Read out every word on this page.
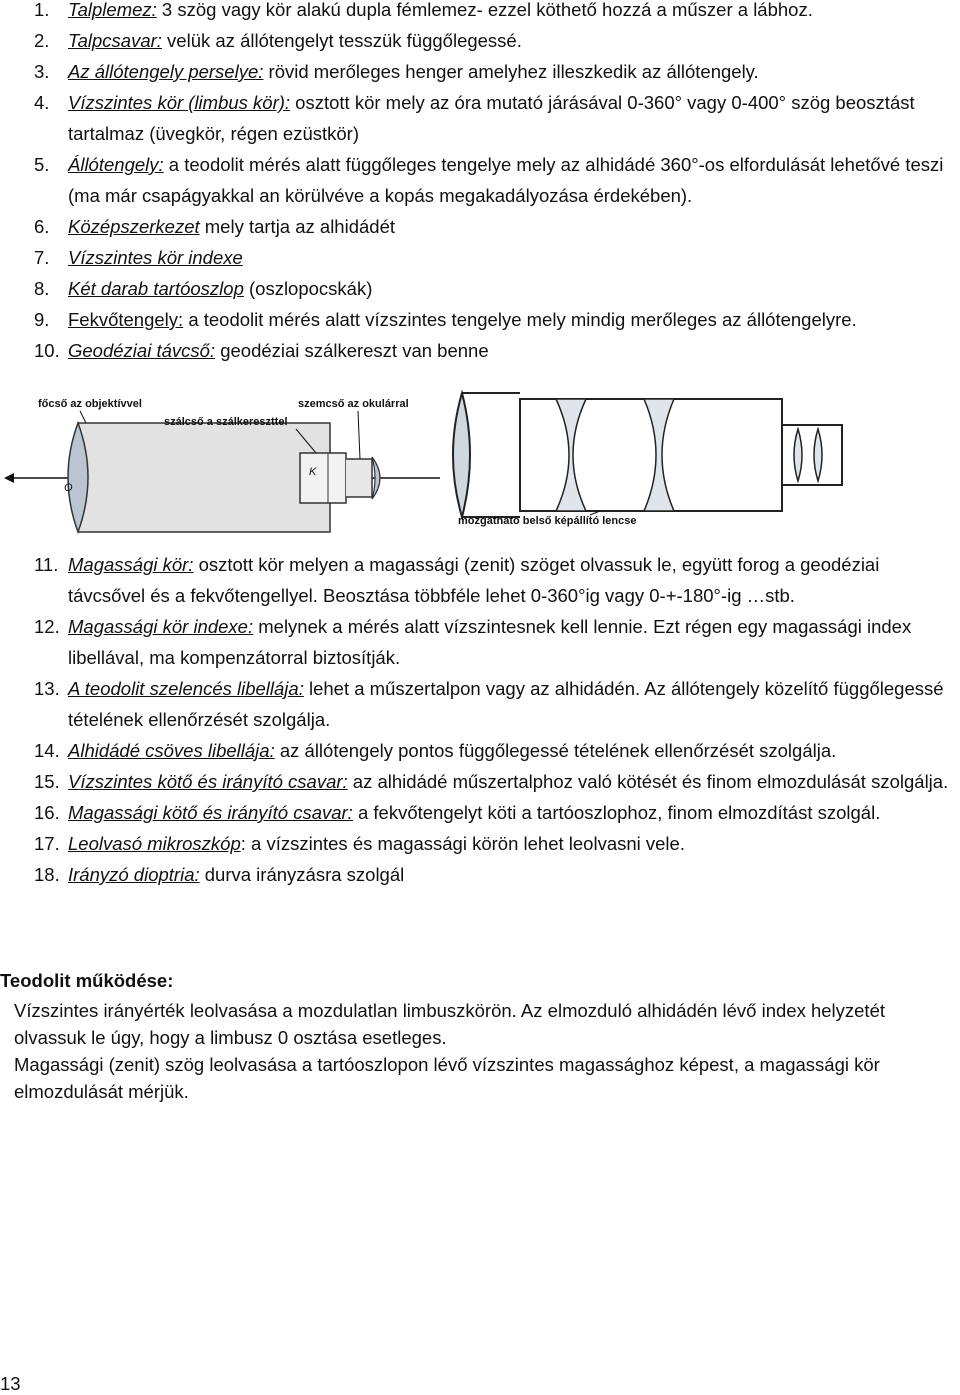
1.	Talplemez: 3 szög vagy kör alakú dupla fémlemez- ezzel köthető hozzá a műszer a lábhoz.
2.	Talpcsavar: velük az állótengelyt tesszük függőlegessé.
3.	Az állótengely perselye: rövid merőleges henger amelyhez illeszkedik az állótengely.
4.	Vízszintes kör (limbus kör): osztott kör mely az óra mutató járásával 0-360° vagy 0-400° szög beosztást tartalmaz (üvegkör, régen ezüstkör)
5.	Állótengely: a teodolit mérés alatt függőleges tengelye mely az alhidádé 360°-os elfordulását lehetővé teszi (ma már csapágyakkal an körülvéve a kopás megakadályozása érdekében).
6.	Középszerkezet mely tartja az alhidádét
7.	Vízszintes kör indexe
8.	Két darab tartóoszlop (oszlopocskák)
9.	Fekvőtengely: a teodolit mérés alatt vízszintes tengelye mely mindig merőleges az állótengelyre.
10. Geodéziai távcső: geodéziai szálkereszt van benne
főcső az objektívvel
szálcső a szálkereszttel
szemcső az okulárral
O
K
mozgatható belső képállító lencse
11. Magassági kör: osztott kör melyen a magassági (zenit) szöget olvassuk le, együtt forog a geodéziai távcsővel és a fekvőtengellyel. Beosztása többféle lehet 0-360°ig vagy 0-+-180°-ig …stb.
12. Magassági kör indexe: melynek a mérés alatt vízszintesnek kell lennie. Ezt régen egy magassági index libellával, ma kompenzátorral biztosítják.
13. A teodolit szelencés libellája: lehet a műszertalpon vagy az alhidádén. Az állótengely közelítő függőlegessé tételének ellenőrzését szolgálja.
14. Alhidádé csöves libellája: az állótengely pontos függőlegessé tételének ellenőrzését szolgálja.
15. Vízszintes kötő és irányító csavar: az alhidádé műszertalphoz való kötését és finom elmozdulását szolgálja.
16. Magassági kötő és irányító csavar: a fekvőtengelyt köti a tartóoszlophoz, finom elmozdítást szolgál.
17. Leolvasó mikroszkóp: a vízszintes és magassági körön lehet leolvasni vele.
18. Irányzó dioptria: durva irányzásra szolgál
Teodolit működése:
Vízszintes irányérték leolvasása a mozdulatlan limbuszkörön. Az elmozduló alhidádén lévő index helyzetét olvassuk le úgy, hogy a limbusz 0 osztása esetleges.
Magassági (zenit) szög leolvasása a tartóoszlopon lévő vízszintes magassághoz képest, a magassági kör elmozdulását mérjük.
13
